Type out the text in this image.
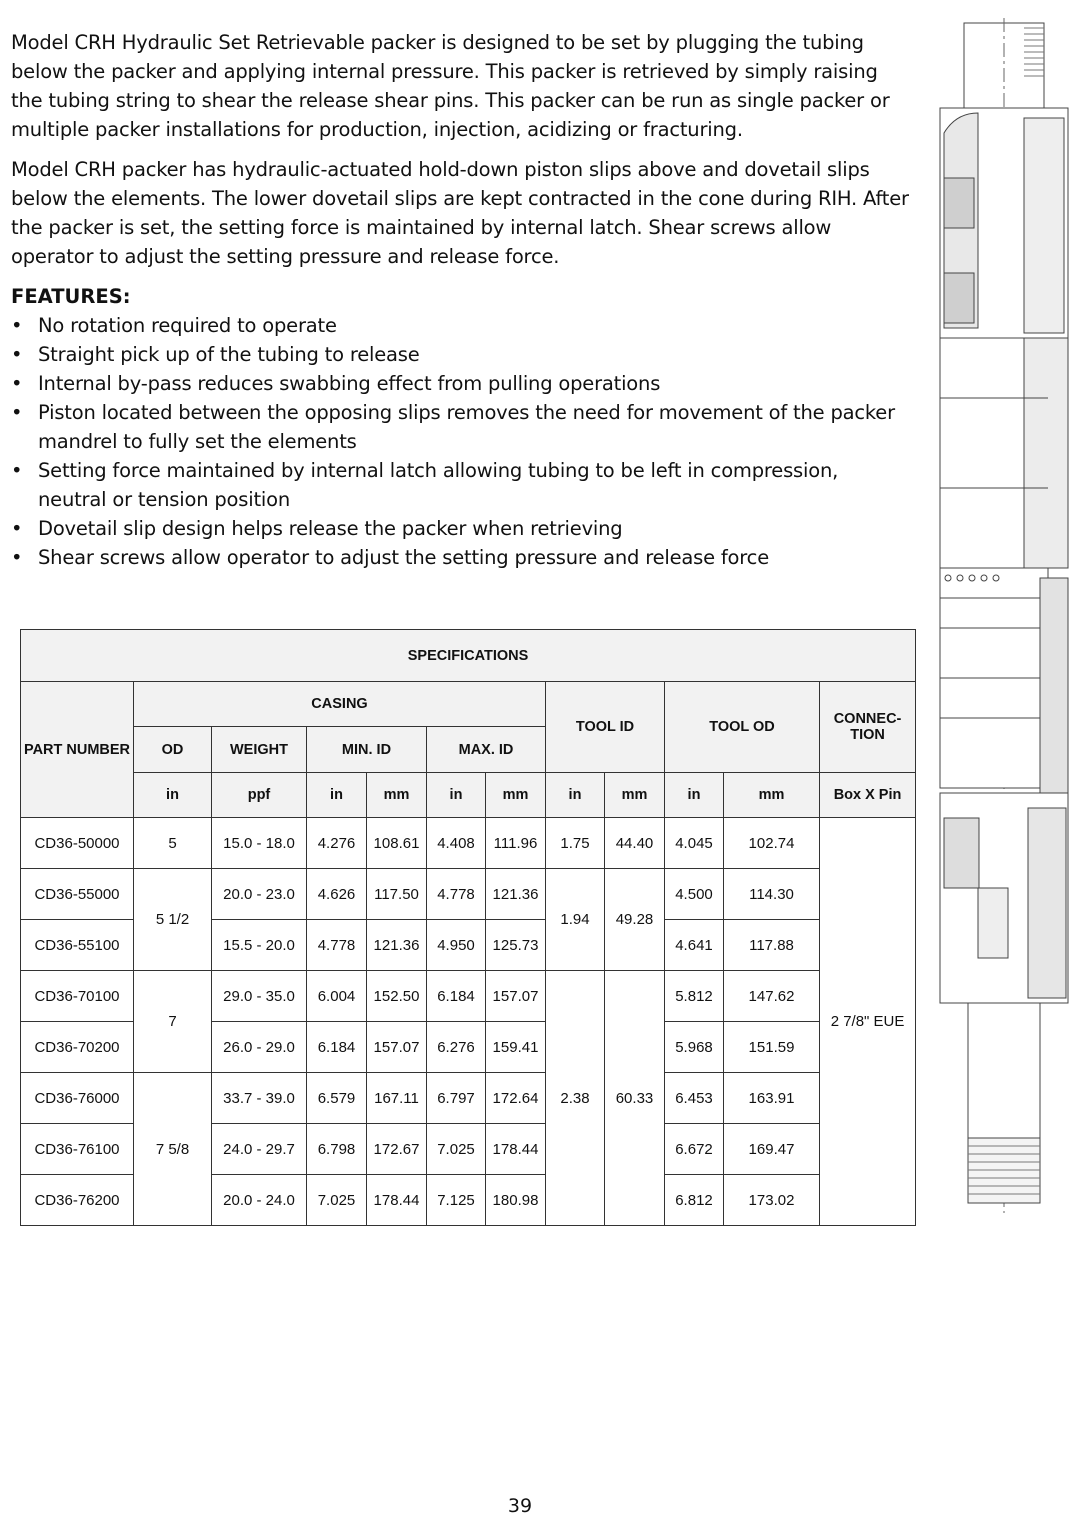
Model CRH Hydraulic Set Retrievable packer is designed to be set by plugging the tubing below the packer and applying internal pressure. This packer is retrieved by simply raising the tubing string to shear the release shear pins. This packer can be run as single packer or multiple packer installations for production, injection, acidizing or fracturing.

Model CRH packer has hydraulic-actuated hold-down piston slips above and dovetail slips below the elements. The lower dovetail slips are kept contracted in the cone during RIH. After the packer is set, the setting force is maintained by internal latch. Shear screws allow operator to adjust the setting pressure and release force.

FEATURES:

• No rotation required to operate
• Straight pick up of the tubing to release
• Internal by-pass reduces swabbing effect from pulling operations
• Piston located between the opposing slips removes the need for movement of the packer mandrel to fully set the elements
• Setting force maintained by internal latch allowing tubing to be left in compression, neutral or tension position
• Dovetail slip design helps release the packer when retrieving
• Shear screws allow operator to adjust the setting pressure and release force
SPECIFICATIONS											
PART NUMBER	CASING						TOOL ID		TOOL OD		CONNEC-TION
	OD	WEIGHT	MIN. ID		MAX. ID						
	in	ppf	in	mm	in	mm	in	mm	in	mm	Box X Pin
CD36-50000	5	15.0 - 18.0	4.276	108.61	4.408	111.96	1.75	44.40	4.045	102.74	2 7/8" EUE
CD36-55000	5 1/2	20.0 - 23.0	4.626	117.50	4.778	121.36	1.94	49.28	4.500	114.30	
CD36-55100		15.5 - 20.0	4.778	121.36	4.950	125.73			4.641	117.88	
CD36-70100	7	29.0 - 35.0	6.004	152.50	6.184	157.07	2.38	60.33	5.812	147.62	
CD36-70200		26.0 - 29.0	6.184	157.07	6.276	159.41			5.968	151.59	
CD36-76000	7 5/8	33.7 - 39.0	6.579	167.11	6.797	172.64			6.453	163.91	
CD36-76100		24.0 - 29.7	6.798	172.67	7.025	178.44			6.672	169.47	
CD36-76200		20.0 - 24.0	7.025	178.44	7.125	180.98			6.812	173.02	
39
